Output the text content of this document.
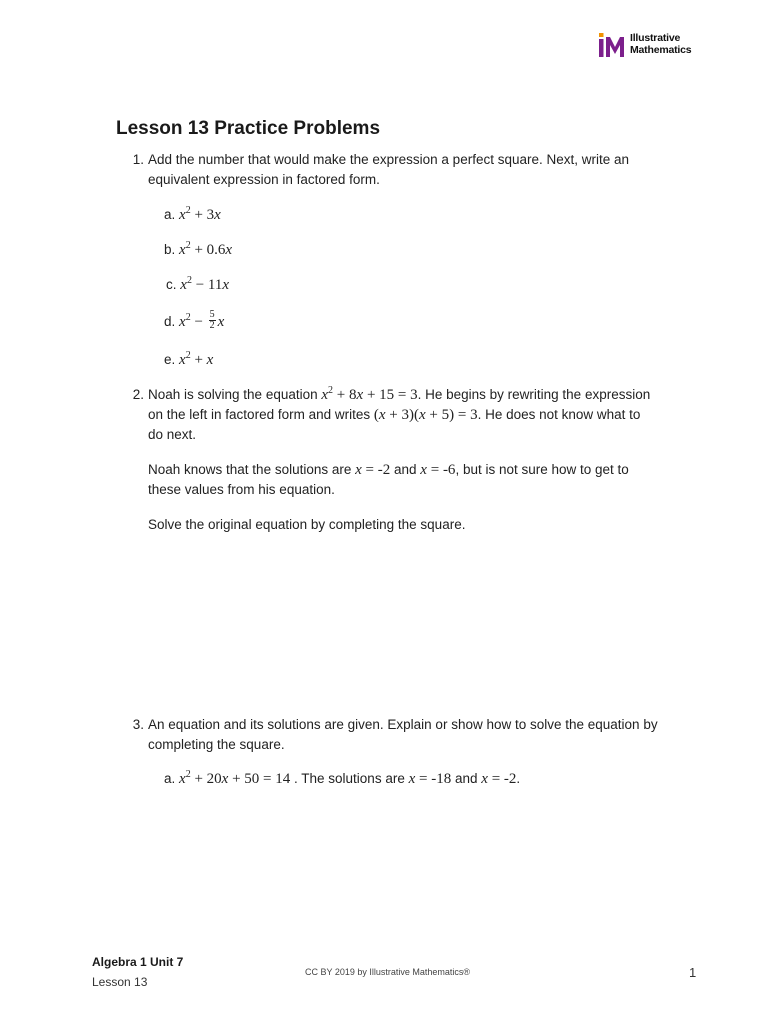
Illustrative
Mathematics
Lesson 13 Practice Problems
1. Add the number that would make the expression a perfect square. Next, write an
equivalent expression in factored form.
a. $x^2 + 3x$
b. $x^2 + 0.6x$
c. $x^2 - 11x$
d. $x^2 - \frac{5}{2}$ x
e. $x^2 + x$
2. Noah is solving the equation $x^2 + 8x + 15 = 3$. He begins by rewriting the expression
on the left in factored form and writes (x + 3)(x + 5) = 3. He does not know what to
do next.
Noah knows that the solutions are x = -2 and x = -6, but is not sure how to get to
these values from his equation.
Solve the original equation by completing the square.
3. An equation and its solutions are given. Explain or show how to solve the equation by
completing the square.
a. $x^2 + 20x + 50 = 14$ . The solutions are x = -18 and x = -2.
Algebra 1 Unit 7
Lesson 13
CC BY 2019 by Illustrative Mathematics®	1
